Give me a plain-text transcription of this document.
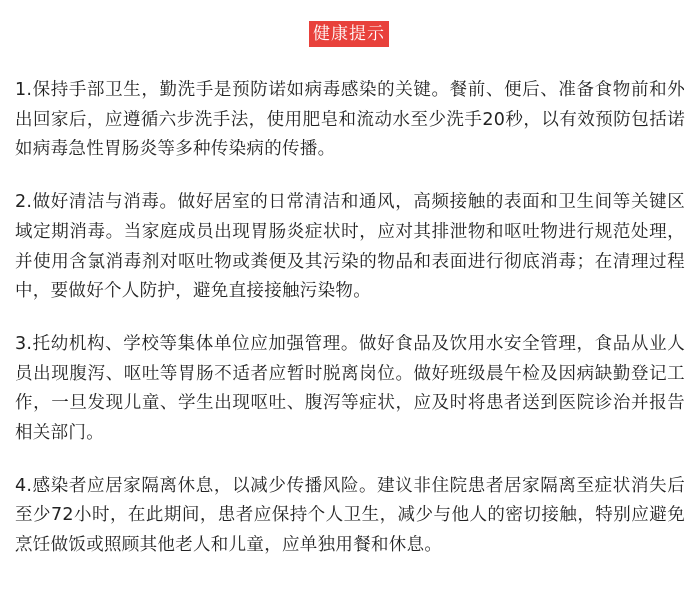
健康提示

1.保持手部卫生，勤洗手是预防诺如病毒感染的关键。餐前、便后、准备食物前和外出回家后，应遵循六步洗手法，使用肥皂和流动水至少洗手20秒，以有效预防包括诺如病毒急性胃肠炎等多种传染病的传播。

2.做好清洁与消毒。做好居室的日常清洁和通风，高频接触的表面和卫生间等关键区域定期消毒。当家庭成员出现胃肠炎症状时，应对其排泄物和呕吐物进行规范处理，并使用含氯消毒剂对呕吐物或粪便及其污染的物品和表面进行彻底消毒；在清理过程中，要做好个人防护，避免直接接触污染物。

3.托幼机构、学校等集体单位应加强管理。做好食品及饮用水安全管理，食品从业人员出现腹泻、呕吐等胃肠不适者应暂时脱离岗位。做好班级晨午检及因病缺勤登记工作，一旦发现儿童、学生出现呕吐、腹泻等症状，应及时将患者送到医院诊治并报告相关部门。

4.感染者应居家隔离休息，以减少传播风险。建议非住院患者居家隔离至症状消失后至少72小时，在此期间，患者应保持个人卫生，减少与他人的密切接触，特别应避免烹饪做饭或照顾其他老人和儿童，应单独用餐和休息。
